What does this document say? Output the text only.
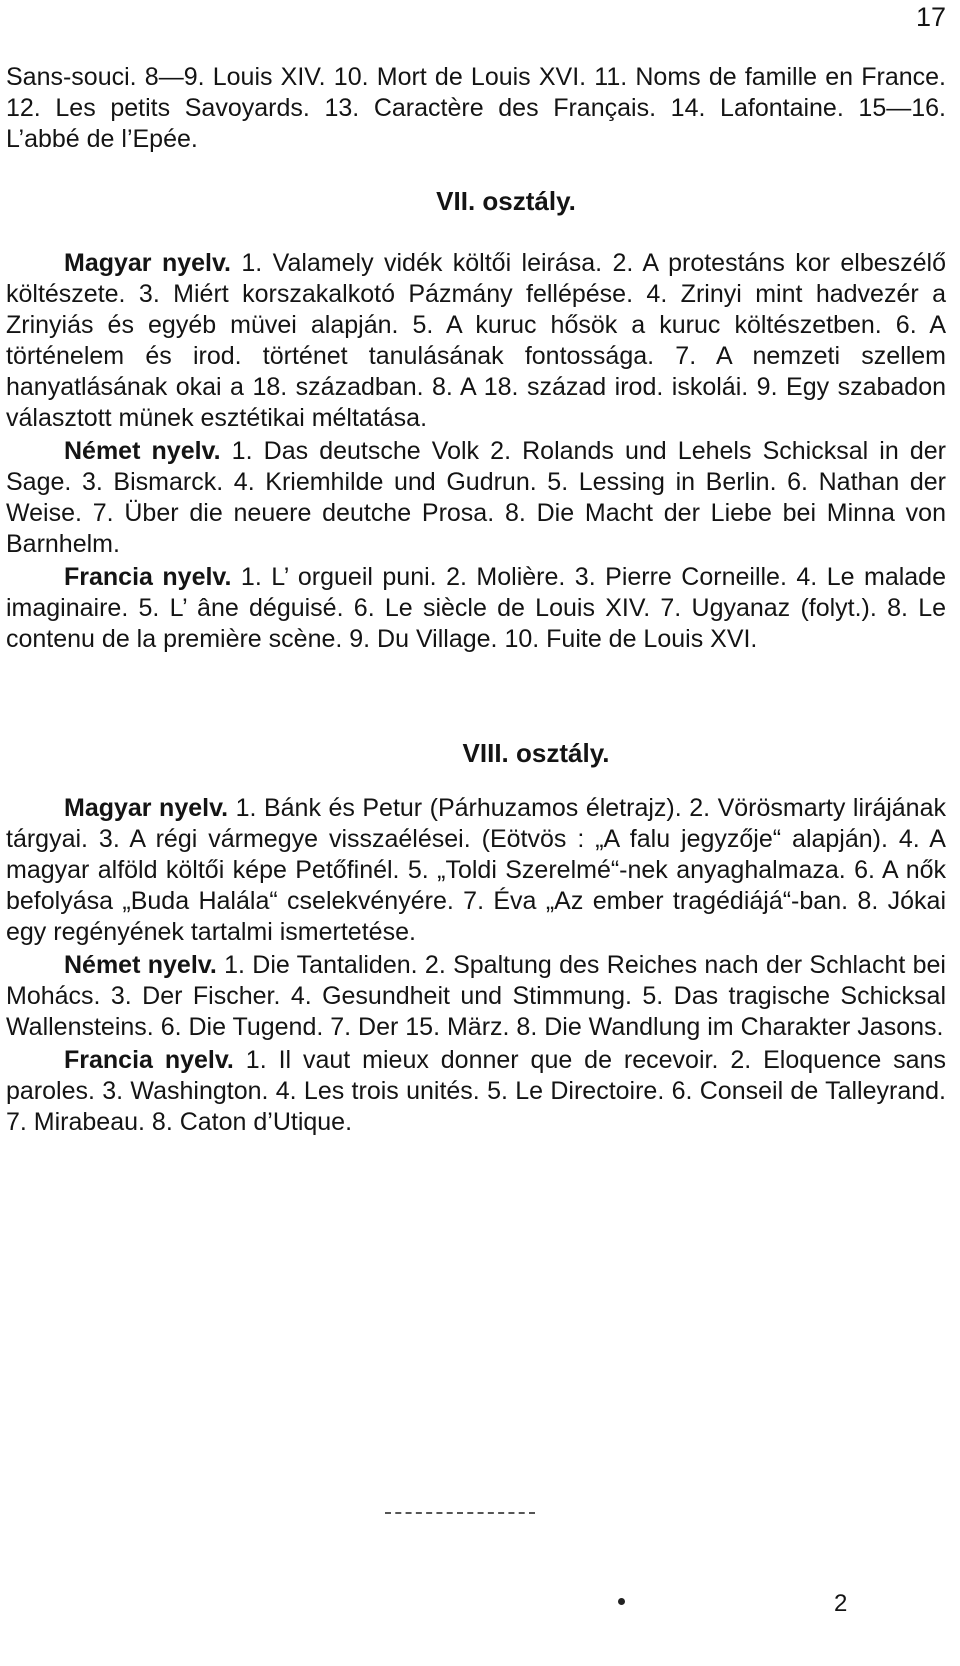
17

Sans-souci. 8—9. Louis XIV. 10. Mort de Louis XVI. 11. Noms de famille en France. 12. Les petits Savoyards. 13. Caractère des Français. 14. Lafontaine. 15—16. L’abbé de l’Epée.

VII. osztály.

Magyar nyelv. 1. Valamely vidék költői leirása. 2. A protestáns kor elbeszélő költészete. 3. Miért korszakalkotó Pázmány fellépése. 4. Zrinyi mint hadvezér a Zrinyiás és egyéb müvei alapján. 5. A kuruc hősök a kuruc költészetben. 6. A történelem és irod. történet tanulásának fontossága. 7. A nemzeti szellem hanyatlásának okai a 18. században. 8. A 18. század irod. iskolái. 9. Egy szabadon választott münek esztétikai méltatása.

Német nyelv. 1. Das deutsche Volk 2. Rolands und Lehels Schicksal in der Sage. 3. Bismarck. 4. Kriemhilde und Gudrun. 5. Lessing in Berlin. 6. Nathan der Weise. 7. Über die neuere deutche Prosa. 8. Die Macht der Liebe bei Minna von Barnhelm.

Francia nyelv. 1. L’ orgueil puni. 2. Molière. 3. Pierre Corneille. 4. Le malade imaginaire. 5. L’ âne déguisé. 6. Le siècle de Louis XIV. 7. Ugyanaz (folyt.). 8. Le contenu de la première scène. 9. Du Village. 10. Fuite de Louis XVI.

VIII. osztály.

Magyar nyelv. 1. Bánk és Petur (Párhuzamos életrajz). 2. Vörösmarty lirájának tárgyai. 3. A régi vármegye visszaélései. (Eötvös : „A falu jegyzője“ alapján). 4. A magyar alföld költői képe Petőfinél. 5. „Toldi Szerelmé“-nek anyaghalmaza. 6. A nők befolyása „Buda Halála“ cselekvényére. 7. Éva „Az ember tragédiájá“-ban. 8. Jókai egy regényének tartalmi ismertetése.

Német nyelv. 1. Die Tantaliden. 2. Spaltung des Reiches nach der Schlacht bei Mohács. 3. Der Fischer. 4. Gesundheit und Stimmung. 5. Das tragische Schicksal Wallensteins. 6. Die Tugend. 7. Der 15. März. 8. Die Wandlung im Charakter Jasons.

Francia nyelv. 1. Il vaut mieux donner que de recevoir. 2. Eloquence sans paroles. 3. Washington. 4. Les trois unités. 5. Le Directoire. 6. Conseil de Talleyrand. 7. Mirabeau. 8. Caton d’Utique.

2
